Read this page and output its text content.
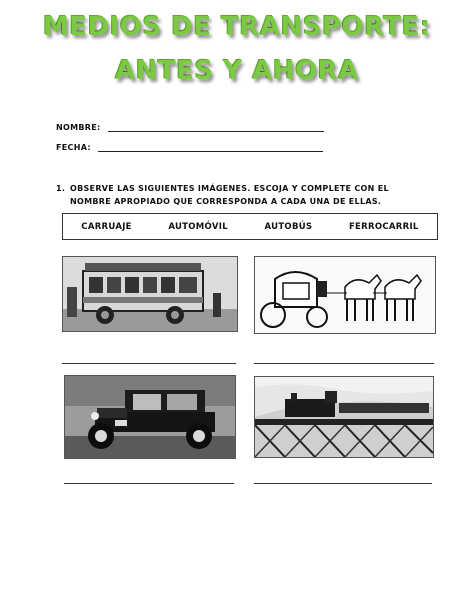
MEDIOS DE TRANSPORTE:
ANTES Y AHORA
NOMBRE:
FECHA:
1. OBSERVE LAS SIGUIENTES IMÁGENES. ESCOJA Y COMPLETE CON EL NOMBRE APROPIADO QUE CORRESPONDA A CADA UNA DE ELLAS.
CARRUAJE	AUTOMÓVIL	AUTOBÚS	FERROCARRIL
